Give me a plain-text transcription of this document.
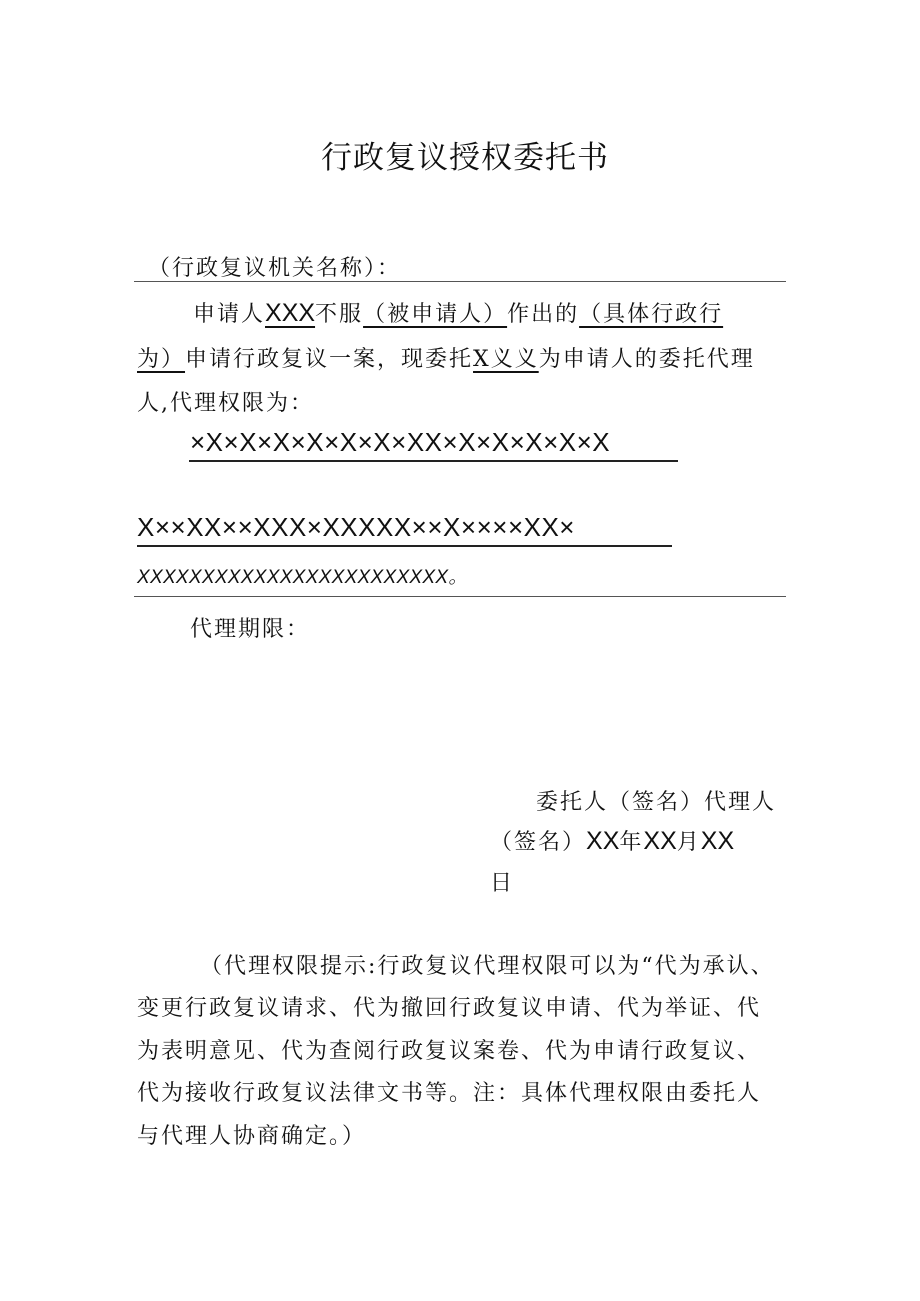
行政复议授权委托书
（行政复议机关名称）：
申请人XXX不服（被申请人）作出的（具体行政行
为）申请行政复议一案，现委托X义义为申请人的委托代理
人,代理权限为：
×X×X×X×X×X×X×XX×X×X×X×X×X
X××XX××XXX×XXXXX××X××××XX×
XXXXXXXXXXXXXXXXXXXXXXXX。
代理期限：
委托人（签名）代理人
（签名）XX年XX月XX
日
（代理权限提示:行政复议代理权限可以为“代为承认、
变更行政复议请求、代为撤回行政复议申请、代为举证、代
为表明意见、代为查阅行政复议案卷、代为申请行政复议、
代为接收行政复议法律文书等。注：具体代理权限由委托人
与代理人协商确定。）
